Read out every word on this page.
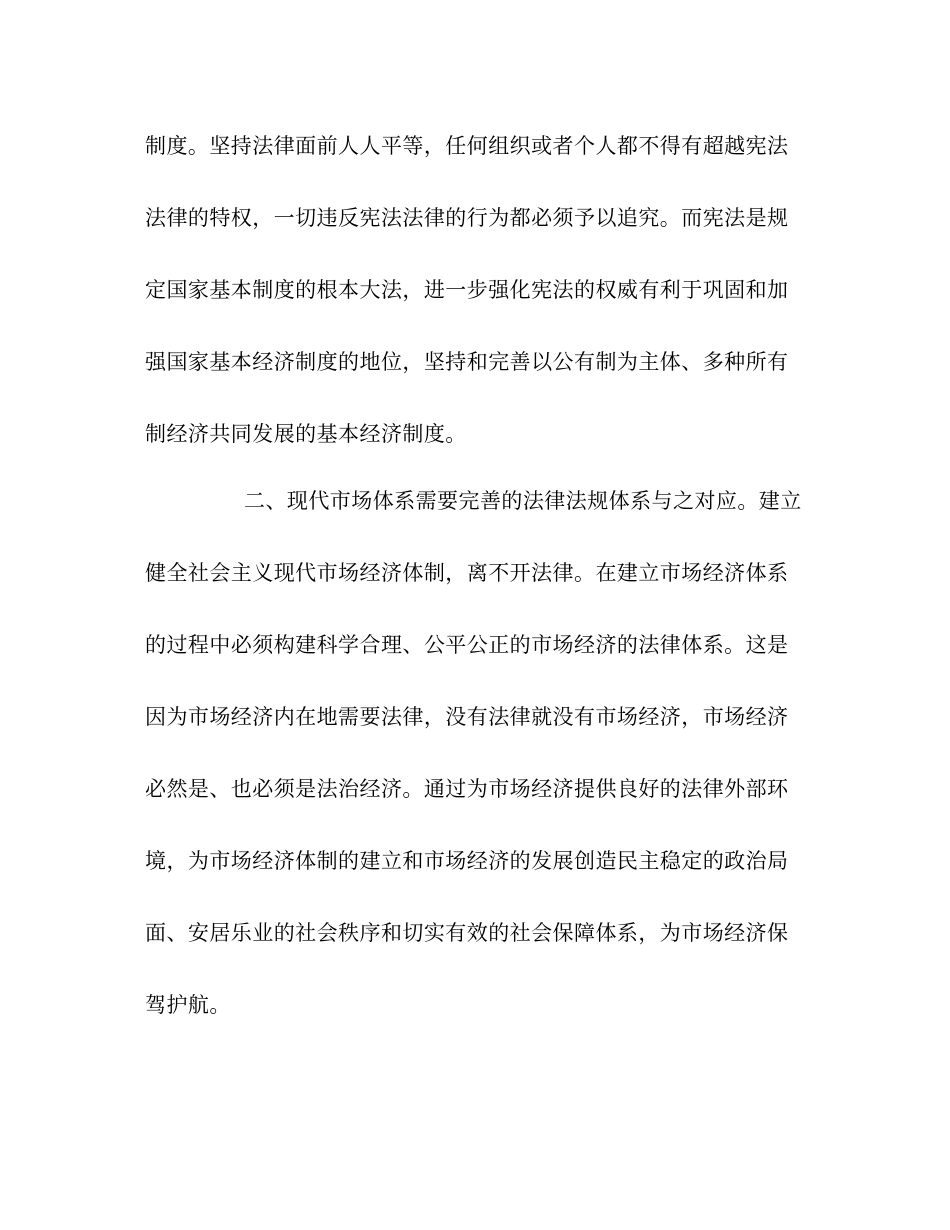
制度。坚持法律面前人人平等，任何组织或者个人都不得有超越宪法
法律的特权，一切违反宪法法律的行为都必须予以追究。而宪法是规
定国家基本制度的根本大法，进一步强化宪法的权威有利于巩固和加
强国家基本经济制度的地位，坚持和完善以公有制为主体、多种所有
制经济共同发展的基本经济制度。
二、现代市场体系需要完善的法律法规体系与之对应。建立
健全社会主义现代市场经济体制，离不开法律。在建立市场经济体系
的过程中必须构建科学合理、公平公正的市场经济的法律体系。这是
因为市场经济内在地需要法律，没有法律就没有市场经济，市场经济
必然是、也必须是法治经济。通过为市场经济提供良好的法律外部环
境，为市场经济体制的建立和市场经济的发展创造民主稳定的政治局
面、安居乐业的社会秩序和切实有效的社会保障体系，为市场经济保
驾护航。
